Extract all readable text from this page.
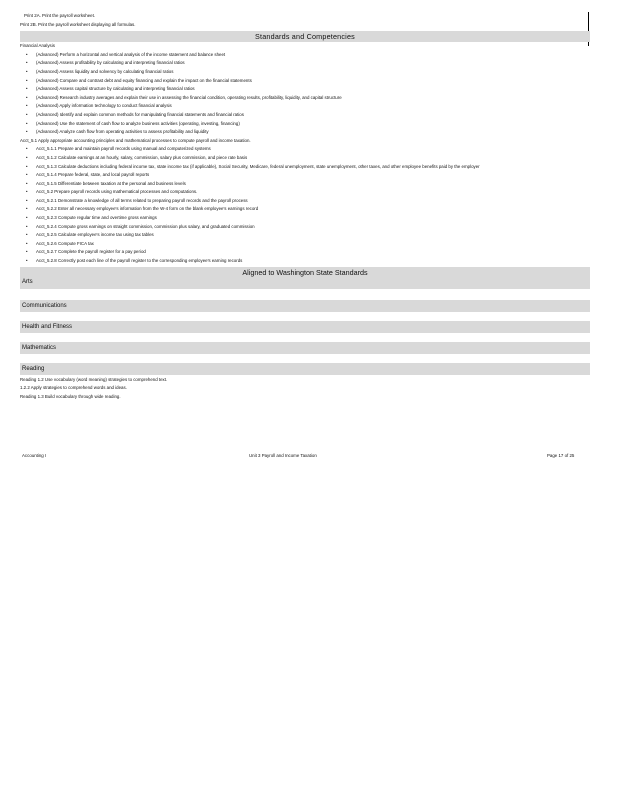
Print 2A. Print the payroll worksheet.
Print 2B. Print the payroll worksheet displaying all formulas.
Standards and Competencies
Financial Analysis
• (Advanced) Perform a horizontal and vertical analysis of the income statement and balance sheet
• (Advanced) Assess profitability by calculating and interpreting financial ratios
• (Advanced) Assess liquidity and solvency by calculating financial ratios
• (Advanced) Compare and contrast debt and equity financing and explain the impact on the financial statements
• (Advanced) Assess capital structure by calculating and interpreting financial ratios
• (Advanced) Research industry averages and explain their use in assessing the financial condition, operating results, profitability, liquidity, and capital structure
• (Advanced) Apply information technology to conduct financial analysis
• (Advanced) Identify and explain common methods for manipulating financial statements and financial ratios
• (Advanced) Use the statement of cash flow to analyze business activities (operating, investing, financing)
• (Advanced) Analyze cash flow from operating activities to assess profitability and liquidity
Acct_5.1 Apply appropriate accounting principles and mathematical processes to compute payroll and income taxation.
• Acct_5.1.1 Prepare and maintain payroll records using manual and computerized systems
• Acct_5.1.2 Calculate earnings at an hourly, salary, commission, salary plus commission, and piece rate basis
• Acct_5.1.3 Calculate deductions including federal income tax, state income tax (if applicable), Social Security, Medicare, federal unemployment, state unemployment, other taxes, and other employee benefits paid by the employer
• Acct_5.1.4 Prepare federal, state, and local payroll reports
• Acct_5.1.5 Differentiate between taxation at the personal and business levels
• Acct_5.2 Prepare payroll records using mathematical processes and computations.
• Acct_5.2.1 Demonstrate a knowledge of all terms related to preparing payroll records and the payroll process
• Acct_5.2.2 Enter all necessary employee's information from the W-4 form on the blank employee's earnings record
• Acct_5.2.3 Compute regular time and overtime gross earnings
• Acct_5.2.4 Compute gross earnings on straight commission, commission plus salary, and graduated commission
• Acct_5.2.5 Calculate employee's income tax using tax tables
• Acct_5.2.6 Compute FICA tax
• Acct_5.2.7 Complete the payroll register for a pay period
• Acct_5.2.8 Correctly post each line of the payroll register to the corresponding employee's earning records
Aligned to Washington State Standards
Arts
Communications
Health and Fitness
Mathematics
Reading
Reading 1.2 Use vocabulary (word meaning) strategies to comprehend text.
1.2.2 Apply strategies to comprehend words and ideas.
Reading 1.3 Build vocabulary through wide reading.
Accounting I	Unit 3 Payroll and Income Taxation	Page 17 of 25
